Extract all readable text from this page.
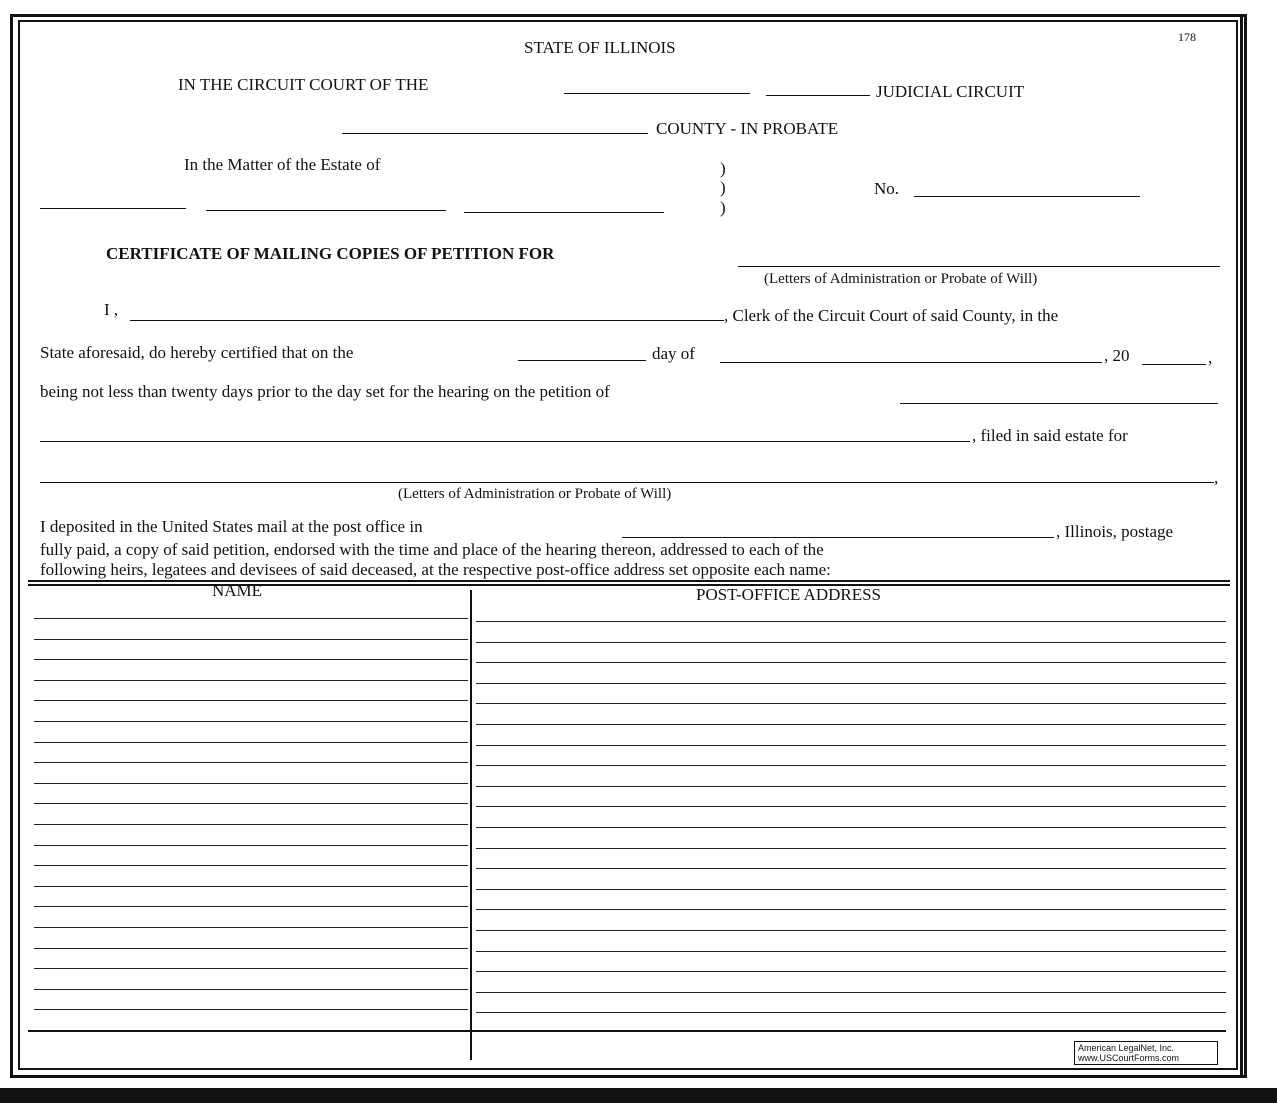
178
STATE OF ILLINOIS
IN THE CIRCUIT COURT OF THE	JUDICIAL CIRCUIT
COUNTY - IN PROBATE
In the Matter of the Estate of	)
)
)
No.
CERTIFICATE OF MAILING COPIES OF PETITION FOR
(Letters of Administration or Probate of Will)
I ,	, Clerk of the Circuit Court of said County, in the
State aforesaid, do hereby certified that on the	day of	, 20	,
being not less than twenty days prior to the day set for the hearing on the petition of
, filed in said estate for
,
(Letters of Administration or Probate of Will)
I deposited in the United States mail at the post office in	, Illinois, postage
fully paid, a copy of said petition, endorsed with the time and place of the hearing thereon, addressed to each of the
following heirs, legatees and devisees of said deceased, at the respective post-office address set opposite each name:
NAME	POST-OFFICE ADDRESS
American LegalNet, Inc.
www.USCourtForms.com
